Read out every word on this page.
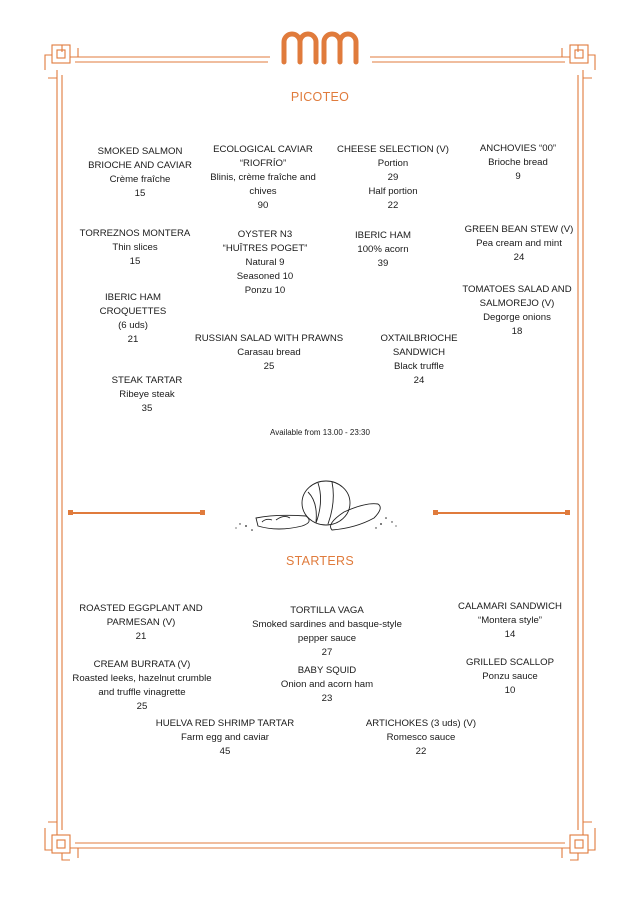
mm
PICOTEO
SMOKED SALMON
BRIOCHE AND CAVIAR
Crème fraîche
15
ECOLOGICAL CAVIAR
“RIOFRÍO”
Blinis, crème fraîche and
chives
90
CHEESE SELECTION (V)
Portion
29
Half portion
22
ANCHOVIES “00”
Brioche bread
9
TORREZNOS MONTERA
Thin slices
15
OYSTER N3
“HUÎTRES POGET”
Natural 9
Seasoned 10
Ponzu 10
IBERIC HAM
100% acorn
39
GREEN BEAN STEW (V)
Pea cream and mint
24
IBERIC HAM
CROQUETTES
(6 uds)
21
TOMATOES SALAD AND
SALMOREJO (V)
Degorge onions
18
RUSSIAN SALAD WITH PRAWNS
Carasau bread
25
OXTAILBRIOCHE
SANDWICH
Black truffle
24
STEAK TARTAR
Ribeye steak
35
Available from 13.00 - 23:30
STARTERS
ROASTED EGGPLANT AND
PARMESAN (V)
21
TORTILLA VAGA
Smoked sardines and basque-style
pepper sauce
27
CALAMARI SANDWICH
“Montera style”
14
CREAM BURRATA (V)
Roasted leeks, hazelnut crumble
and truffle vinagrette
25
BABY SQUID
Onion and acorn ham
23
GRILLED SCALLOP
Ponzu sauce
10
HUELVA RED SHRIMP TARTAR
Farm egg and caviar
45
ARTICHOKES (3 uds) (V)
Romesco sauce
22
